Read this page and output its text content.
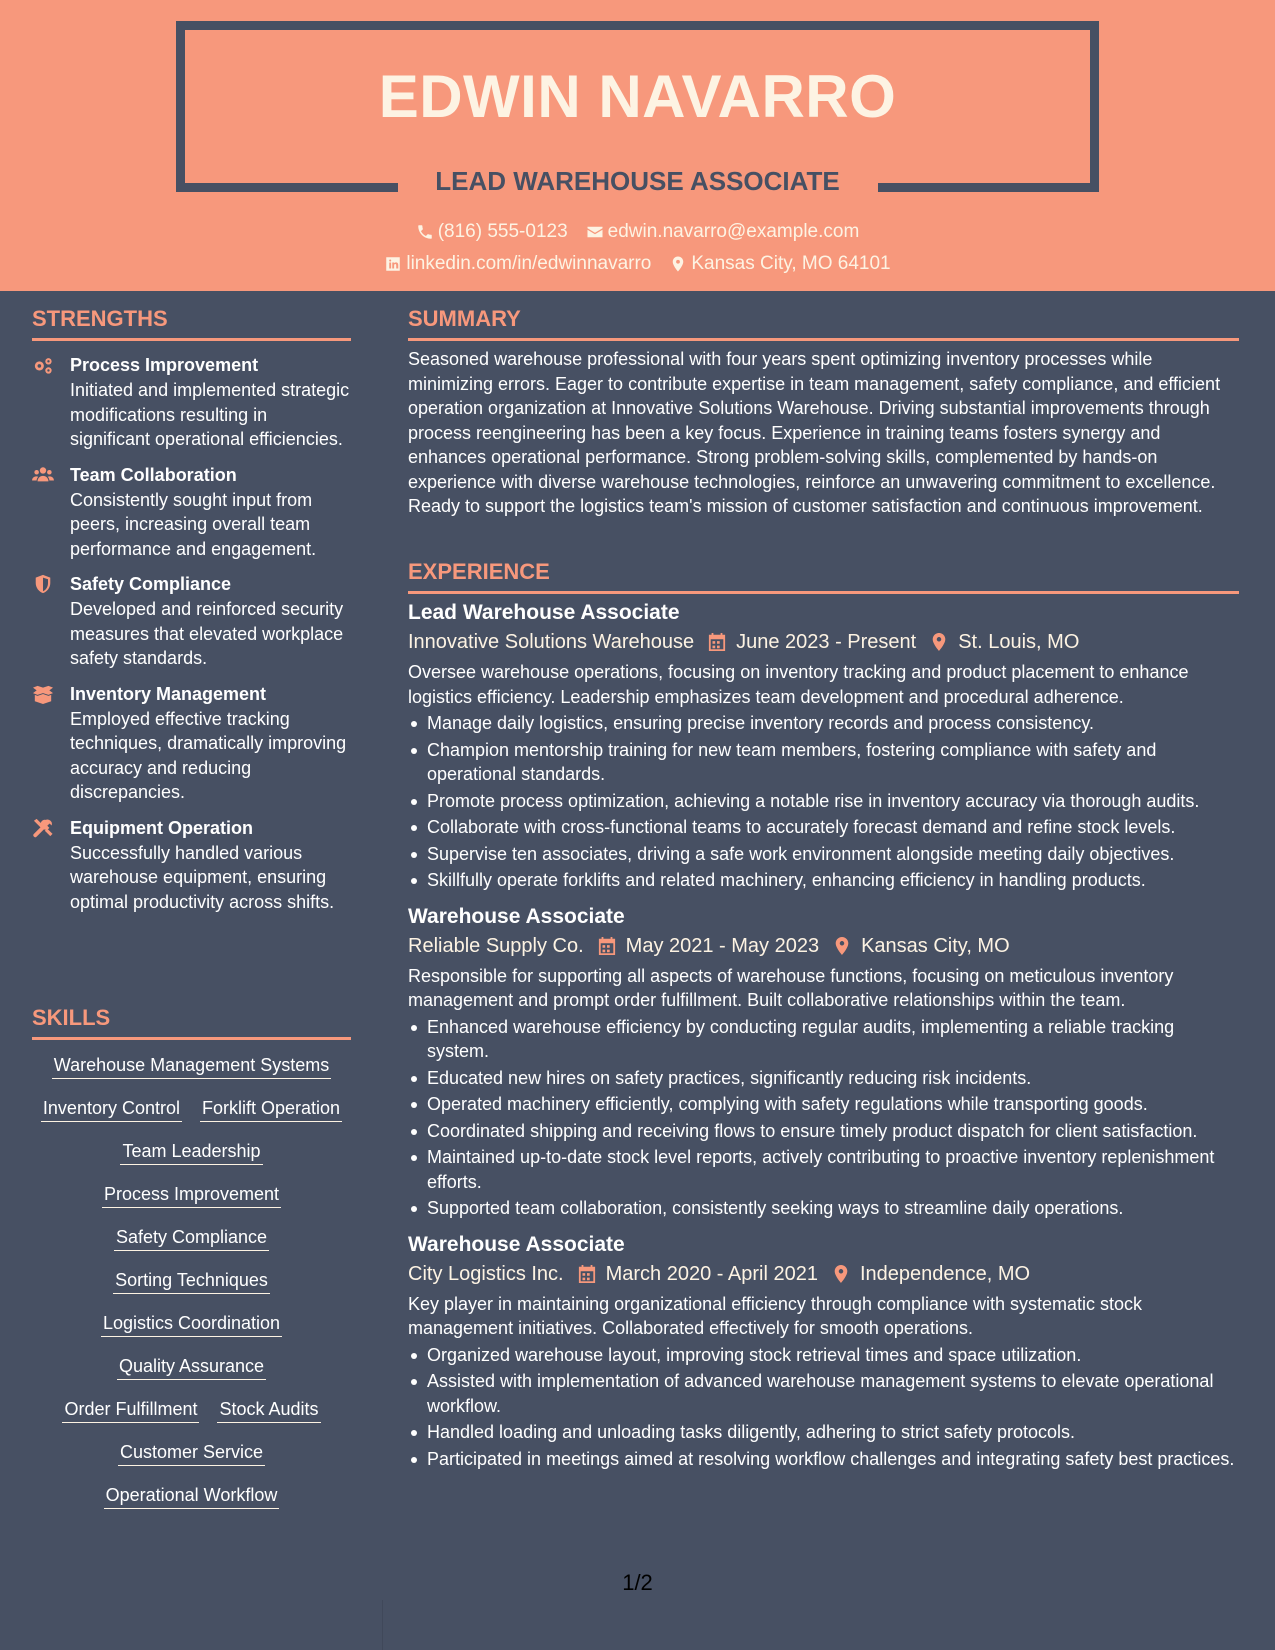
EDWIN NAVARRO
LEAD WAREHOUSE ASSOCIATE
(816) 555-0123 edwin.navarro@example.com
linkedin.com/in/edwinnavarro Kansas City, MO 64101
STRENGTHS
Process Improvement
Initiated and implemented strategic modifications resulting in significant operational efficiencies.
Team Collaboration
Consistently sought input from peers, increasing overall team performance and engagement.
Safety Compliance
Developed and reinforced security measures that elevated workplace safety standards.
Inventory Management
Employed effective tracking techniques, dramatically improving accuracy and reducing discrepancies.
Equipment Operation
Successfully handled various warehouse equipment, ensuring optimal productivity across shifts.
SKILLS
Warehouse Management Systems
Inventory Control Forklift Operation
Team Leadership
Process Improvement
Safety Compliance
Sorting Techniques
Logistics Coordination
Quality Assurance
Order Fulfillment Stock Audits
Customer Service
Operational Workflow
SUMMARY

Seasoned warehouse professional with four years spent optimizing inventory processes while minimizing errors. Eager to contribute expertise in team management, safety compliance, and efficient operation organization at Innovative Solutions Warehouse. Driving substantial improvements through process reengineering has been a key focus. Experience in training teams fosters synergy and enhances operational performance. Strong problem-solving skills, complemented by hands-on experience with diverse warehouse technologies, reinforce an unwavering commitment to excellence. Ready to support the logistics team's mission of customer satisfaction and continuous improvement.

EXPERIENCE
Lead Warehouse Associate
Innovative Solutions Warehouse June 2023 - Present St. Louis, MO

Oversee warehouse operations, focusing on inventory tracking and product placement to enhance logistics efficiency. Leadership emphasizes team development and procedural adherence.

Manage daily logistics, ensuring precise inventory records and process consistency.
Champion mentorship training for new team members, fostering compliance with safety and operational standards.
Promote process optimization, achieving a notable rise in inventory accuracy via thorough audits.
Collaborate with cross-functional teams to accurately forecast demand and refine stock levels.
Supervise ten associates, driving a safe work environment alongside meeting daily objectives.
Skillfully operate forklifts and related machinery, enhancing efficiency in handling products.
Warehouse Associate
Reliable Supply Co. May 2021 - May 2023 Kansas City, MO

Responsible for supporting all aspects of warehouse functions, focusing on meticulous inventory management and prompt order fulfillment. Built collaborative relationships within the team.

Enhanced warehouse efficiency by conducting regular audits, implementing a reliable tracking system.
Educated new hires on safety practices, significantly reducing risk incidents.
Operated machinery efficiently, complying with safety regulations while transporting goods.
Coordinated shipping and receiving flows to ensure timely product dispatch for client satisfaction.
Maintained up-to-date stock level reports, actively contributing to proactive inventory replenishment efforts.
Supported team collaboration, consistently seeking ways to streamline daily operations.
Warehouse Associate
City Logistics Inc. March 2020 - April 2021 Independence, MO

Key player in maintaining organizational efficiency through compliance with systematic stock management initiatives. Collaborated effectively for smooth operations.

Organized warehouse layout, improving stock retrieval times and space utilization.
Assisted with implementation of advanced warehouse management systems to elevate operational workflow.
Handled loading and unloading tasks diligently, adhering to strict safety protocols.
Participated in meetings aimed at resolving workflow challenges and integrating safety best practices.
1/2
